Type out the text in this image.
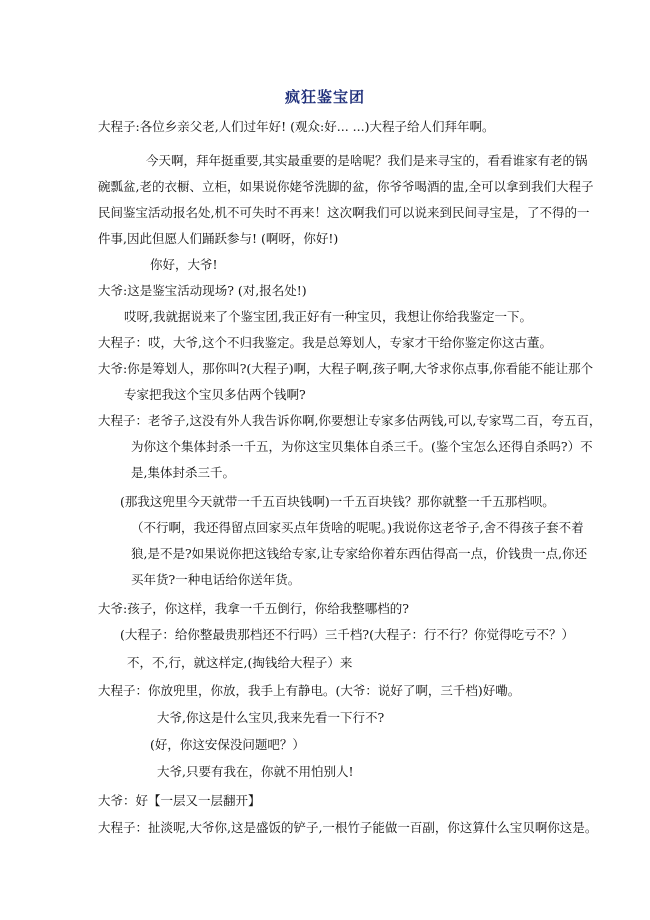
疯狂鉴宝团
大程子:各位乡亲父老,人们过年好! (观众:好... ...)大程子给人们拜年啊。
今天啊，拜年挺重要,其实最重要的是啥呢？我们是来寻宝的，看看谁家有老的锅
碗瓢盆,老的衣橱、立柜，如果说你姥爷洗脚的盆，你爷爷喝酒的盅,全可以拿到我们大程子
民间鉴宝活动报名处,机不可失时不再来！这次啊我们可以说来到民间寻宝是，了不得的一
件事,因此但愿人们踊跃参与! (啊呀，你好!)
你好，大爷!
大爷:这是鉴宝活动现场? (对,报名处!)
哎呀,我就据说来了个鉴宝团,我正好有一种宝贝，我想让你给我鉴定一下。
大程子：哎，大爷,这个不归我鉴定。我是总筹划人，专家才干给你鉴定你这古董。
大爷:你是筹划人，那你叫?(大程子)啊，大程子啊,孩子啊,大爷求你点事,你看能不能让那个
专家把我这个宝贝多估两个钱啊?
大程子：老爷子,这没有外人我告诉你啊,你要想让专家多估两钱,可以,专家骂二百，夸五百，
为你这个集体封杀一千五，为你这宝贝集体自杀三千。(鉴个宝怎么还得自杀吗?）不
是,集体封杀三千。
(那我这兜里今天就带一千五百块钱啊)一千五百块钱？那你就整一千五那档呗。
（不行啊，我还得留点回家买点年货啥的呢呢。)我说你这老爷子,舍不得孩子套不着
狼,是不是?如果说你把这钱给专家,让专家给你着东西估得高一点，价钱贵一点,你还
买年货?一种电话给你送年货。
大爷:孩子，你这样，我拿一千五倒行，你给我整哪档的?
(大程子：给你整最贵那档还不行吗）三千档?(大程子：行不行？你觉得吃亏不？）
不，不,行，就这样定,(掏钱给大程子）来
大程子：你放兜里，你放，我手上有静电。(大爷：说好了啊，三千档)好嘞。
大爷,你这是什么宝贝,我来先看一下行不?
(好，你这安保没问题吧？）
大爷,只要有我在，你就不用怕别人!
大爷：好【一层又一层翻开】
大程子：扯淡呢,大爷你,这是盛饭的铲子,一根竹子能做一百副，你这算什么宝贝啊你这是。
